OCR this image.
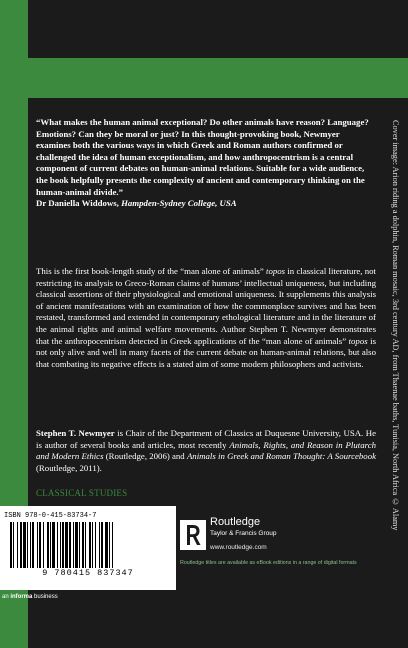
Cover image: Arion riding a dolphin, Roman mosaic, 3rd century AD, from Thaenae baths, Tunisia, North Africa © Alamy
“What makes the human animal exceptional? Do other animals have reason? Language? Emotions? Can they be moral or just? In this thought-provoking book, Newmyer examines both the various ways in which Greek and Roman authors confirmed or challenged the idea of human exceptionalism, and how anthropocentrism is a central component of current debates on human-animal relations. Suitable for a wide audience, the book helpfully presents the complexity of ancient and contemporary thinking on the human-animal divide.”
Dr Daniella Widdows, Hampden-Sydney College, USA
This is the first book-length study of the “man alone of animals” topos in classical literature, not restricting its analysis to Greco-Roman claims of humans’ intellectual uniqueness, but including classical assertions of their physiological and emotional uniqueness. It supplements this analysis of ancient manifestations with an examination of how the commonplace survives and has been restated, transformed and extended in contemporary ethological literature and in the literature of the animal rights and animal welfare movements. Author Stephen T. Newmyer demonstrates that the anthropocentrism detected in Greek applications of the “man alone of animals” topos is not only alive and well in many facets of the current debate on human-animal relations, but also that combating its negative effects is a stated aim of some modern philosophers and activists.
Stephen T. Newmyer is Chair of the Department of Classics at Duquesne University, USA. He is author of several books and articles, most recently Animals, Rights, and Reason in Plutarch and Modern Ethics (Routledge, 2006) and Animals in Greek and Roman Thought: A Sourcebook (Routledge, 2011).
CLASSICAL STUDIES
ISBN 978-0-415-83734-7
9 780415 837347
an informa business
Routledge
Taylor & Francis Group
www.routledge.com
Routledge titles are available as eBook editions in a range of digital formats
